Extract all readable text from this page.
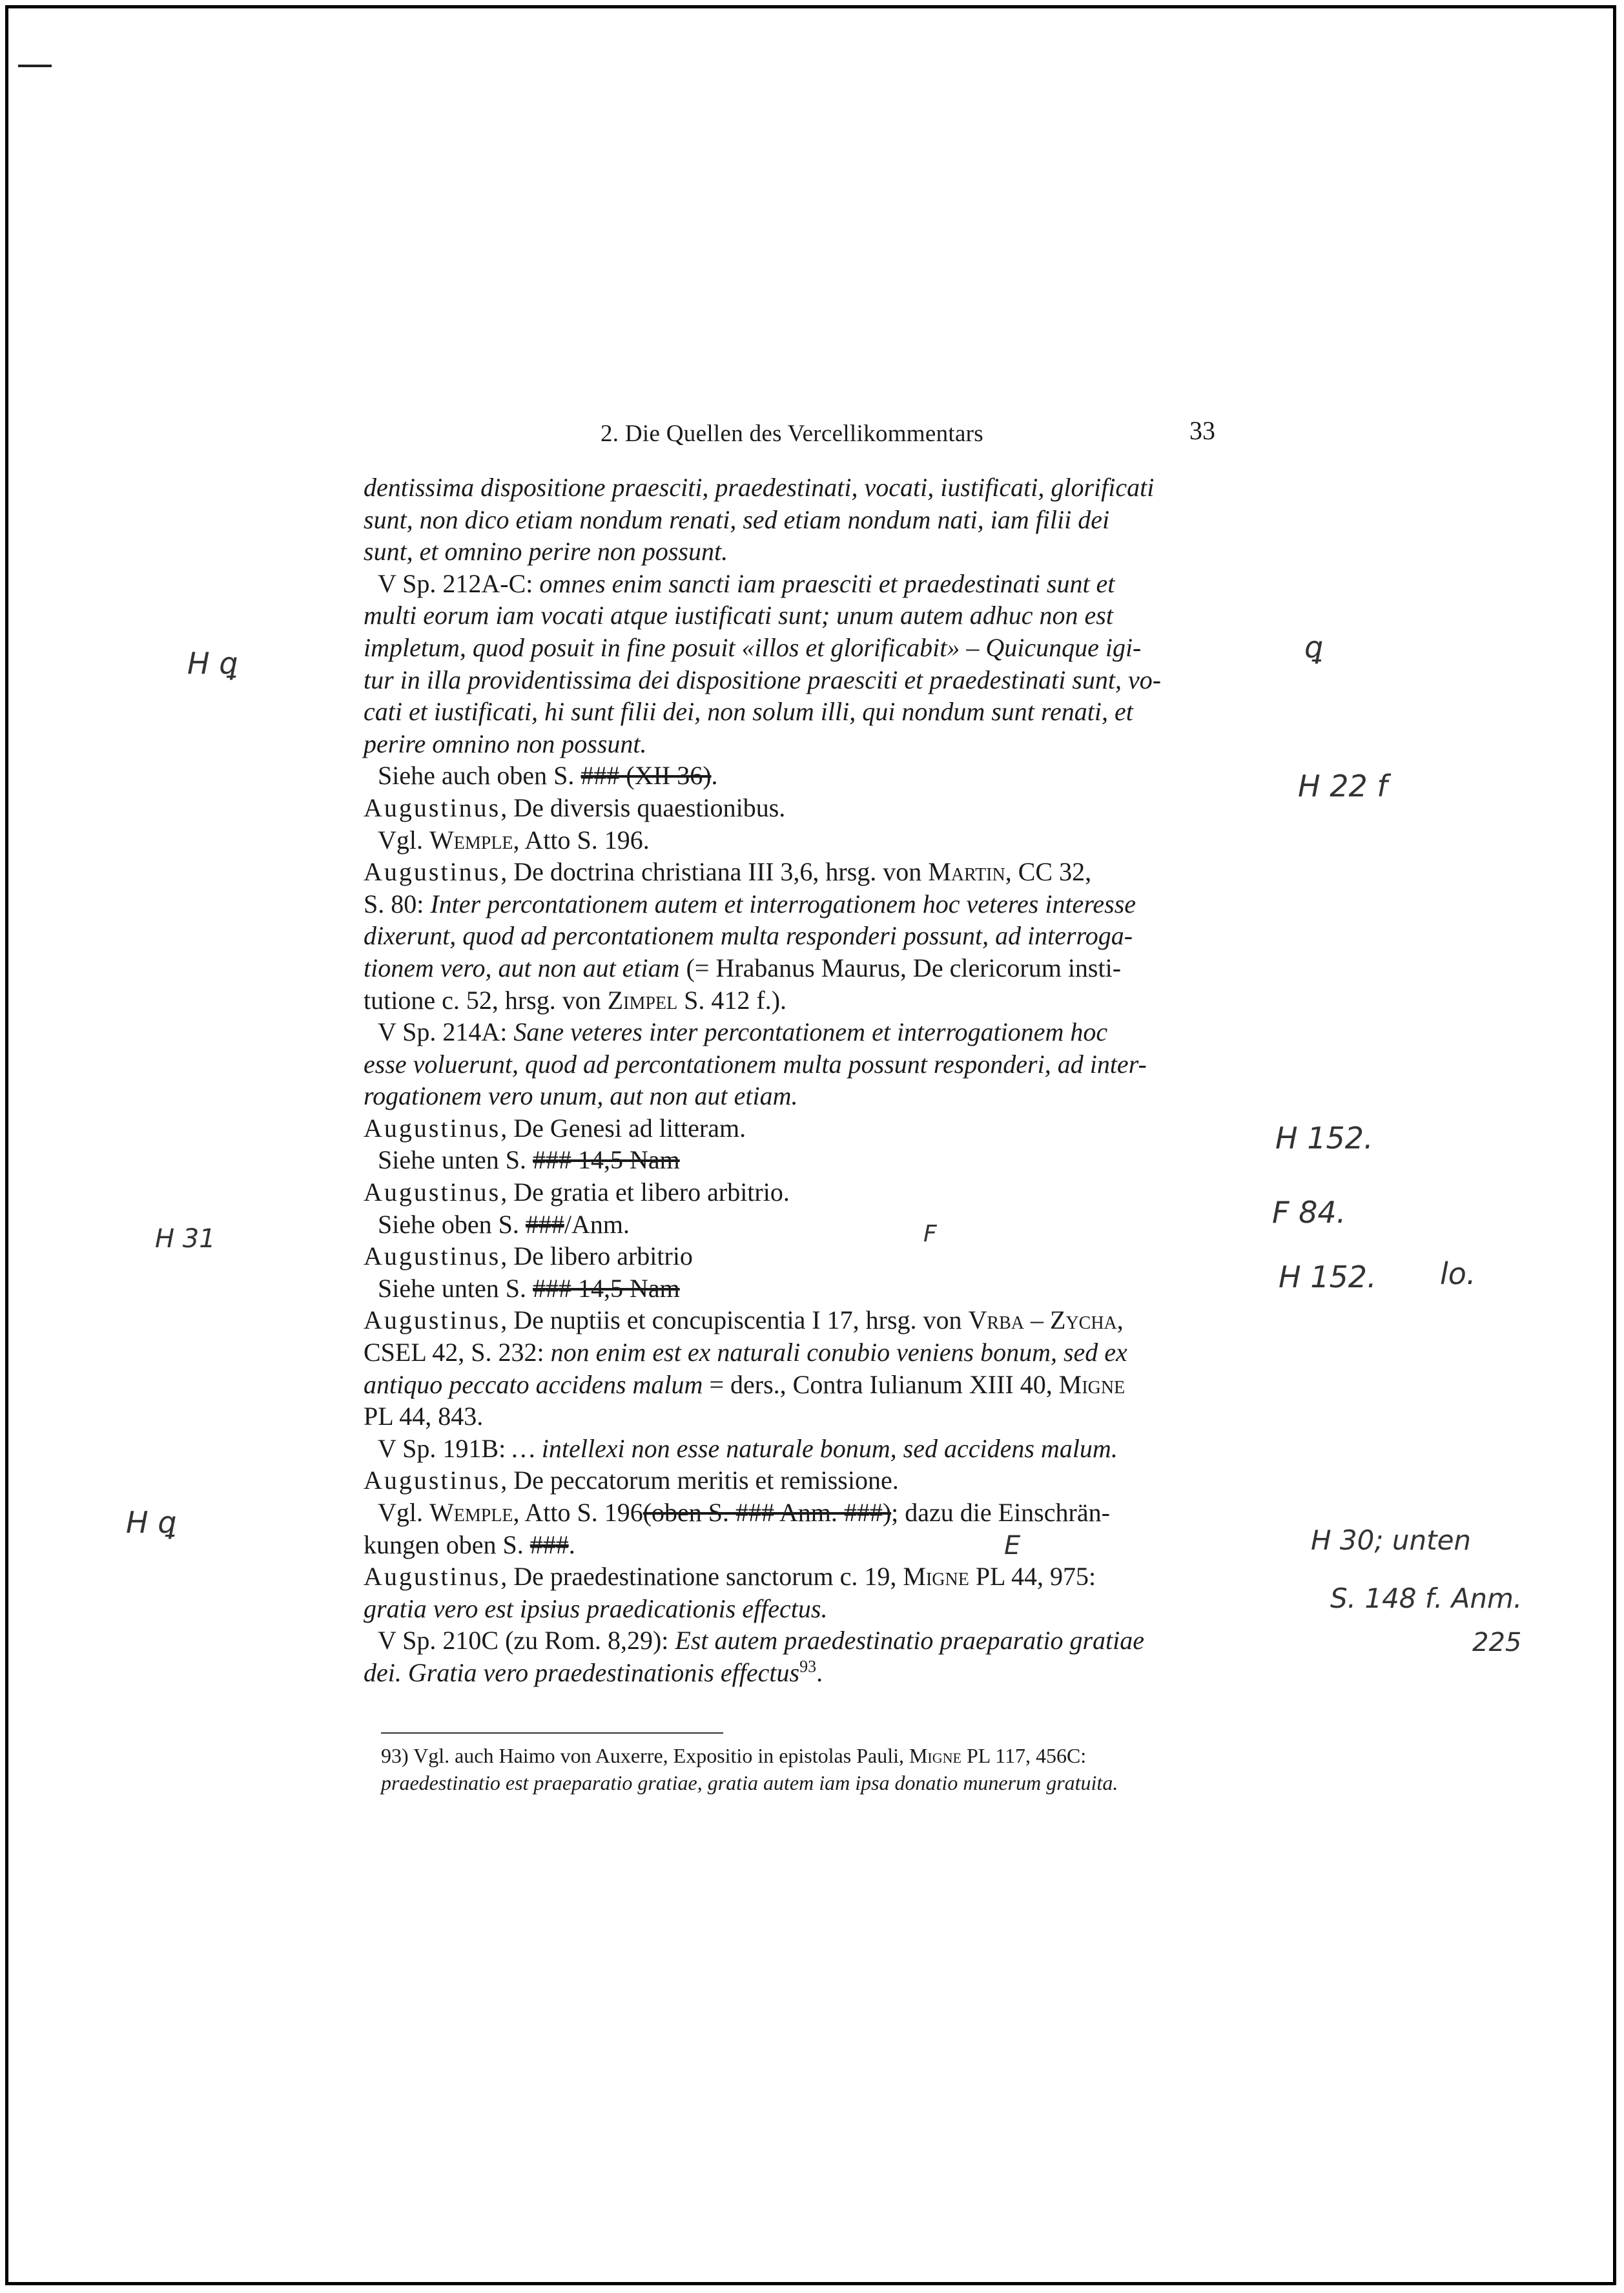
2. Die Quellen des Vercellikommentars	33
dentissima dispositione praesciti, praedestinati, vocati, iustificati, glorificati
sunt, non dico etiam nondum renati, sed etiam nondum nati, iam filii dei
sunt, et omnino perire non possunt.
V Sp. 212A-C: omnes enim sancti iam praesciti et praedestinati sunt et
multi eorum iam vocati atque iustificati sunt; unum autem adhuc non est
impletum, quod posuit in fine posuit «illos et glorificabit» – Quicunque igi-
tur in illa providentissima dei dispositione praesciti et praedestinati sunt, vo-
cati et iustificati, hi sunt filii dei, non solum illi, qui nondum sunt renati, et
perire omnino non possunt.
Siehe auch oben S. ### (XII 36).
Augustinus, De diversis quaestionibus.
Vgl. Wemple, Atto S. 196.
Augustinus, De doctrina christiana III 3,6, hrsg. von Martin, CC 32,
S. 80: Inter percontationem autem et interrogationem hoc veteres interesse
dixerunt, quod ad percontationem multa responderi possunt, ad interroga-
tionem vero, aut non aut etiam (= Hrabanus Maurus, De clericorum insti-
tutione c. 52, hrsg. von Zimpel S. 412 f.).
V Sp. 214A: Sane veteres inter percontationem et interrogationem hoc
esse voluerunt, quod ad percontationem multa possunt responderi, ad inter-
rogationem vero unum, aut non aut etiam.
Augustinus, De Genesi ad litteram.
Siehe unten S. ### 14,5 Nam
Augustinus, De gratia et libero arbitrio.
Siehe oben S. ###/Anm.
Augustinus, De libero arbitrio
Siehe unten S. ### 14,5 Nam
Augustinus, De nuptiis et concupiscentia I 17, hrsg. von Vrba – Zycha,
CSEL 42, S. 232: non enim est ex naturali conubio veniens bonum, sed ex
antiquo peccato accidens malum = ders., Contra Iulianum XIII 40, Migne
PL 44, 843.
V Sp. 191B: … intellexi non esse naturale bonum, sed accidens malum.
Augustinus, De peccatorum meritis et remissione.
Vgl. Wemple, Atto S. 196(oben S. ### Anm. ###); dazu die Einschrän-
kungen oben S. ###.
Augustinus, De praedestinatione sanctorum c. 19, Migne PL 44, 975:
gratia vero est ipsius praedicationis effectus.
V Sp. 210C (zu Rom. 8,29): Est autem praedestinatio praeparatio gratiae
dei. Gratia vero praedestinationis effectus$^{93}$.
93) Vgl. auch Haimo von Auxerre, Expositio in epistolas Pauli, Migne PL 117, 456C:
praedestinatio est praeparatio gratiae, gratia autem iam ipsa donatio munerum gratuita.
H ꝗ
H 31
H ꝗ
ꝗ
H 22 f
H 152.
F 84.
H 152. lo.
H 30; unten
S. 148 f. Anm.
225
F
E
